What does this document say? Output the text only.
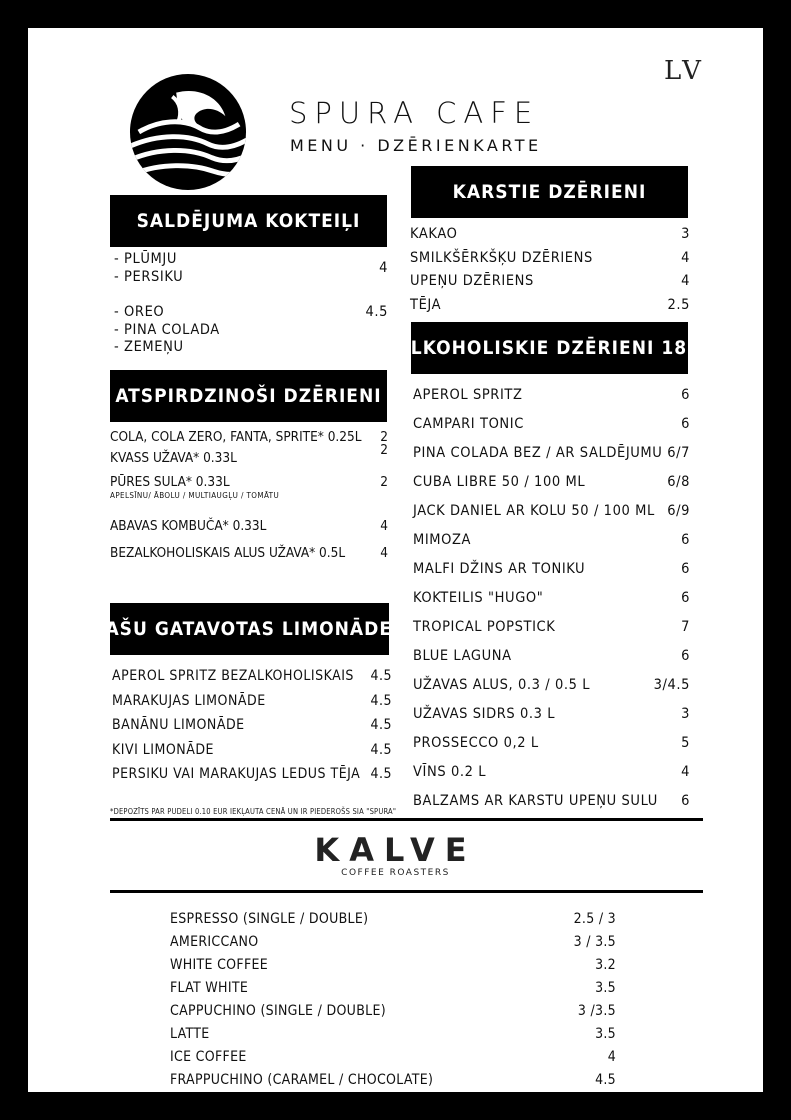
LV
SPURA CAFE
MENU · DZĒRIENKARTE
SALDĒJUMA KOKTEIĻI
- PLŪMJU
- PERSIKU
4
- OREO
- PINA COLADA
- ZEMEŅU
4.5
ATSPIRDZINOŠI DZĒRIENI
COLA, COLA ZERO, FANTA, SPRITE* 0.25L 2
KVASS UŽAVA* 0.33L	2
PŪRES SULA* 0.33L	2
APELSĪNU/ ĀBOLU / MULTIAUGĻU / TOMĀTU
ABAVAS KOMBUČA* 0.33L	4
BEZALKOHOLISKAIS ALUS UŽAVA* 0.5L	4
PAŠU GATAVOTAS LIMONĀDES
APEROL SPRITZ BEZALKOHOLISKAIS 4.5
MARAKUJAS LIMONĀDE	4.5
BANĀNU LIMONĀDE	4.5
KIVI LIMONĀDE	4.5
PERSIKU VAI MARAKUJAS LEDUS TĒJA 4.5
*DEPOZĪTS PAR PUDELI 0.10 EUR IEKĻAUTA CENĀ UN IR PIEDEROŠS SIA "SPURA"
KARSTIE DZĒRIENI
KAKAO	3
SMILKŠĒRKŠĶU DZĒRIENS	4
UPEŅU DZĒRIENS	4
TĒJA	2.5
ALKOHOLISKIE DZĒRIENI 18+
APEROL SPRITZ	6
CAMPARI TONIC	6
PINA COLADA BEZ / AR SALDĒJUMU 6/7
CUBA LIBRE 50 / 100 ML	6/8
JACK DANIEL AR KOLU 50 / 100 ML 6/9
MIMOZA	6
MALFI DŽINS AR TONIKU	6
KOKTEILIS "HUGO"	6
TROPICAL POPSTICK	7
BLUE LAGUNA	6
UŽAVAS ALUS, 0.3 / 0.5 L	3/4.5
UŽAVAS SIDRS 0.3 L	3
PROSSECCO 0,2 L	5
VĪNS 0.2 L	4
BALZAMS AR KARSTU UPEŅU SULU 6
KALVE
COFFEE ROASTERS
ESPRESSO (SINGLE / DOUBLE)	2.5 / 3
AMERICCANO	3 / 3.5
WHITE COFFEE	3.2
FLAT WHITE	3.5
CAPPUCHINO (SINGLE / DOUBLE)	3 /3.5
LATTE	3.5
ICE COFFEE	4
FRAPPUCHINO (CARAMEL / CHOCOLATE)	4.5
